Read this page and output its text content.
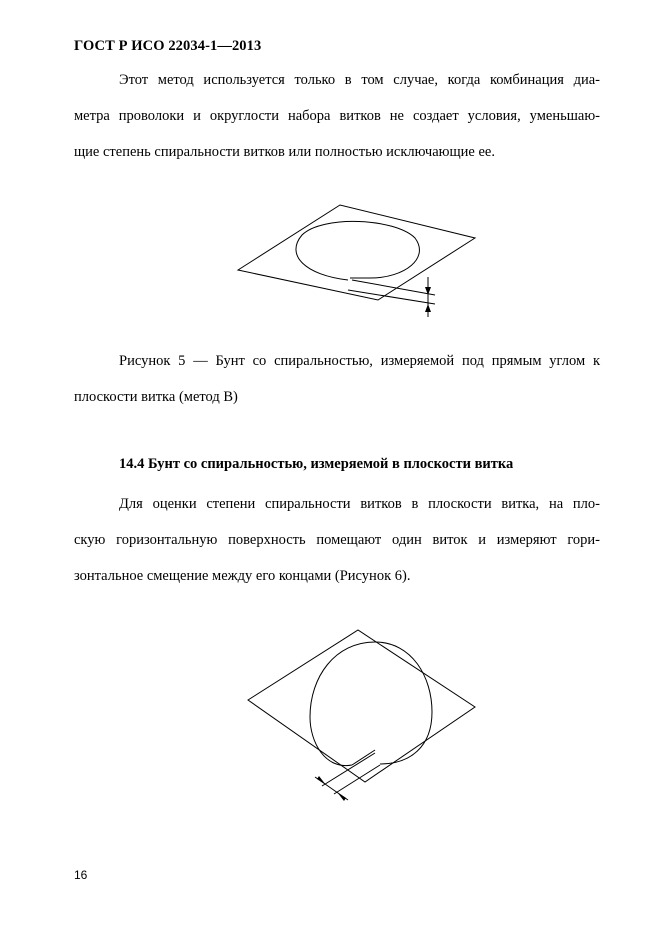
ГОСТ Р ИСО 22034-1—2013
Этот метод используется только в том случае, когда комбинация диа-
метра проволоки и округлости набора витков не создает условия, уменьшаю-
щие степень спиральности витков или полностью исключающие ее.
Рисунок 5 — Бунт со спиральностью, измеряемой под прямым углом к
плоскости витка (метод В)
14.4 Бунт со спиральностью, измеряемой в плоскости витка
Для оценки степени спиральности витков в плоскости витка, на пло-
скую горизонтальную поверхность помещают один виток и измеряют гори-
зонтальное смещение между его концами (Рисунок 6).
16
